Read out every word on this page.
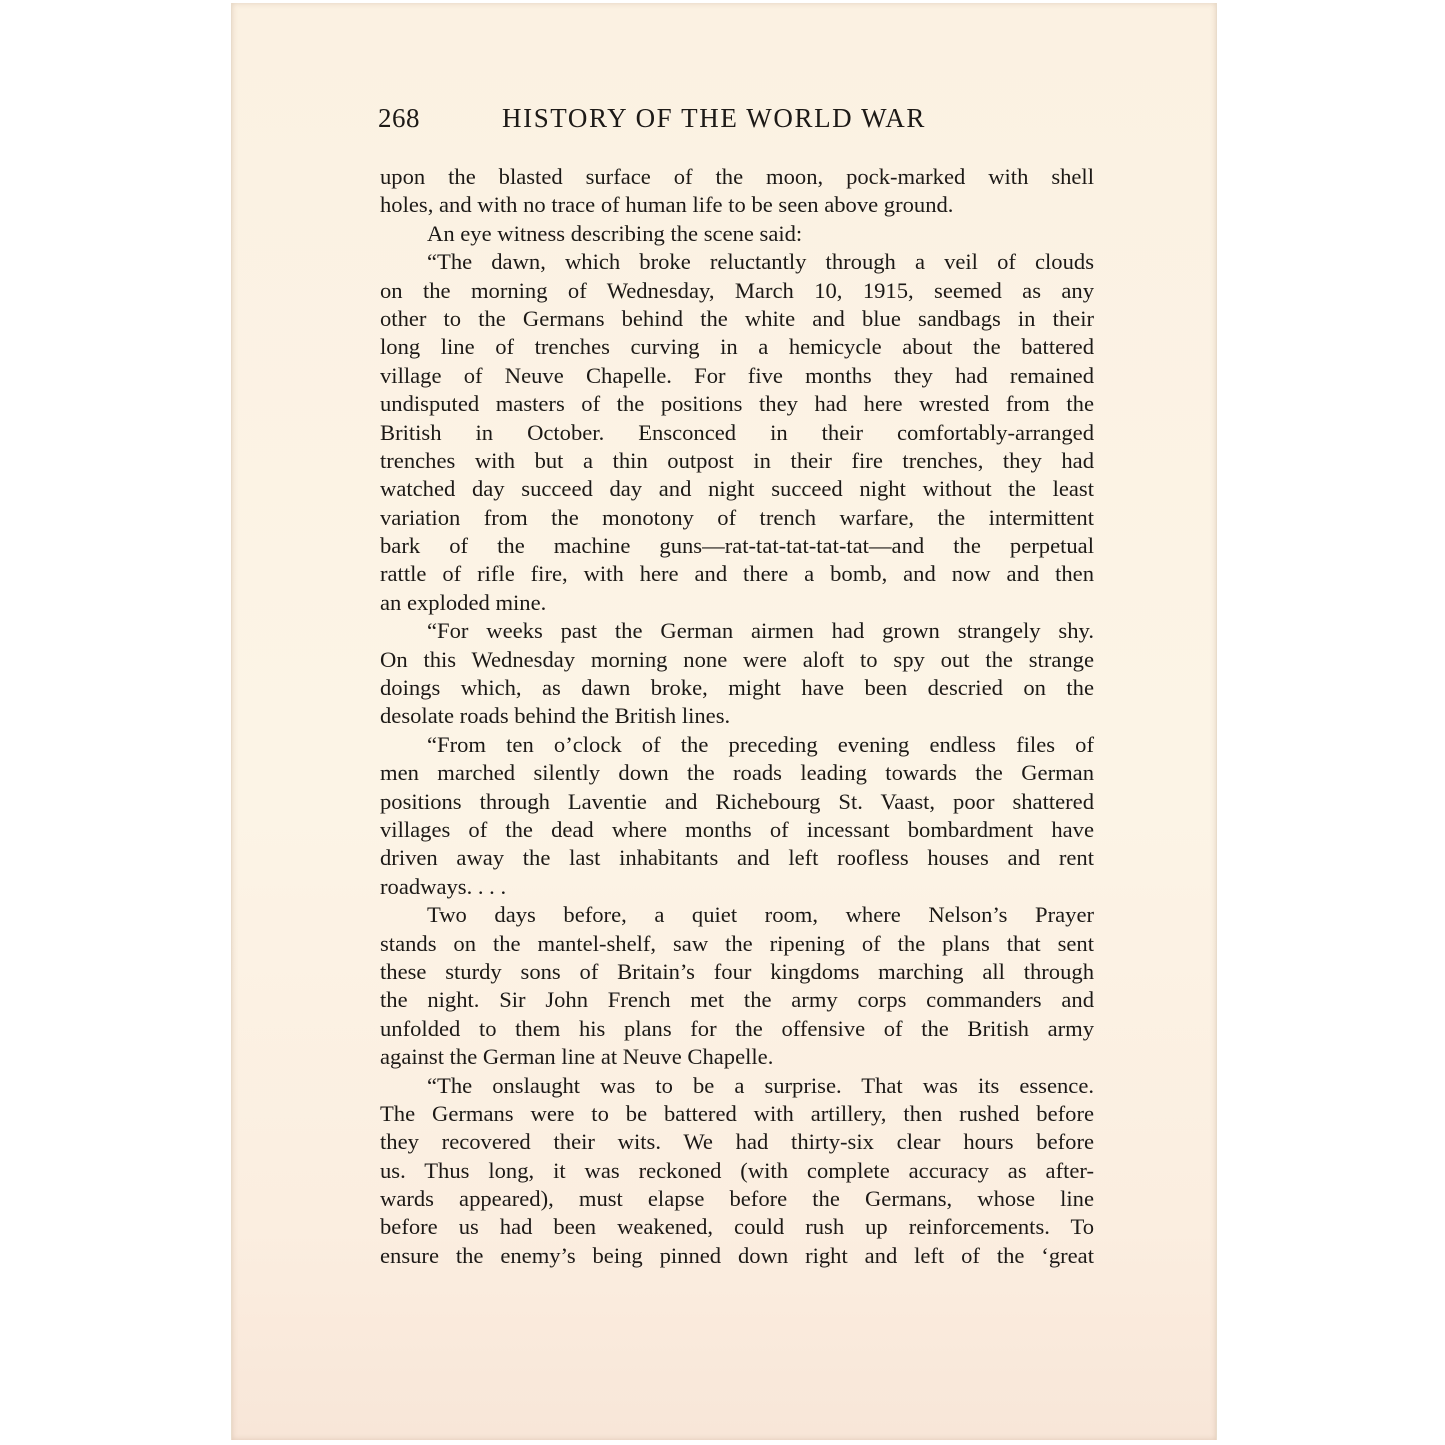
268	HISTORY OF THE WORLD WAR
upon the blasted surface of the moon, pock-marked with shell
holes, and with no trace of human life to be seen above ground.
An eye witness describing the scene said:
“The dawn, which broke reluctantly through a veil of clouds
on the morning of Wednesday, March 10, 1915, seemed as any
other to the Germans behind the white and blue sandbags in their
long line of trenches curving in a hemicycle about the battered
village of Neuve Chapelle. For five months they had remained
undisputed masters of the positions they had here wrested from the
British in October. Ensconced in their comfortably-arranged
trenches with but a thin outpost in their fire trenches, they had
watched day succeed day and night succeed night without the least
variation from the monotony of trench warfare, the intermittent
bark of the machine guns—rat-tat-tat-tat-tat—and the perpetual
rattle of rifle fire, with here and there a bomb, and now and then
an exploded mine.
“For weeks past the German airmen had grown strangely shy.
On this Wednesday morning none were aloft to spy out the strange
doings which, as dawn broke, might have been descried on the
desolate roads behind the British lines.
“From ten o’clock of the preceding evening endless files of
men marched silently down the roads leading towards the German
positions through Laventie and Richebourg St. Vaast, poor shattered
villages of the dead where months of incessant bombardment have
driven away the last inhabitants and left roofless houses and rent
roadways. . . .
Two days before, a quiet room, where Nelson’s Prayer
stands on the mantel-shelf, saw the ripening of the plans that sent
these sturdy sons of Britain’s four kingdoms marching all through
the night. Sir John French met the army corps commanders and
unfolded to them his plans for the offensive of the British army
against the German line at Neuve Chapelle.
“The onslaught was to be a surprise. That was its essence.
The Germans were to be battered with artillery, then rushed before
they recovered their wits. We had thirty-six clear hours before
us. Thus long, it was reckoned (with complete accuracy as after-
wards appeared), must elapse before the Germans, whose line
before us had been weakened, could rush up reinforcements. To
ensure the enemy’s being pinned down right and left of the ‘great
